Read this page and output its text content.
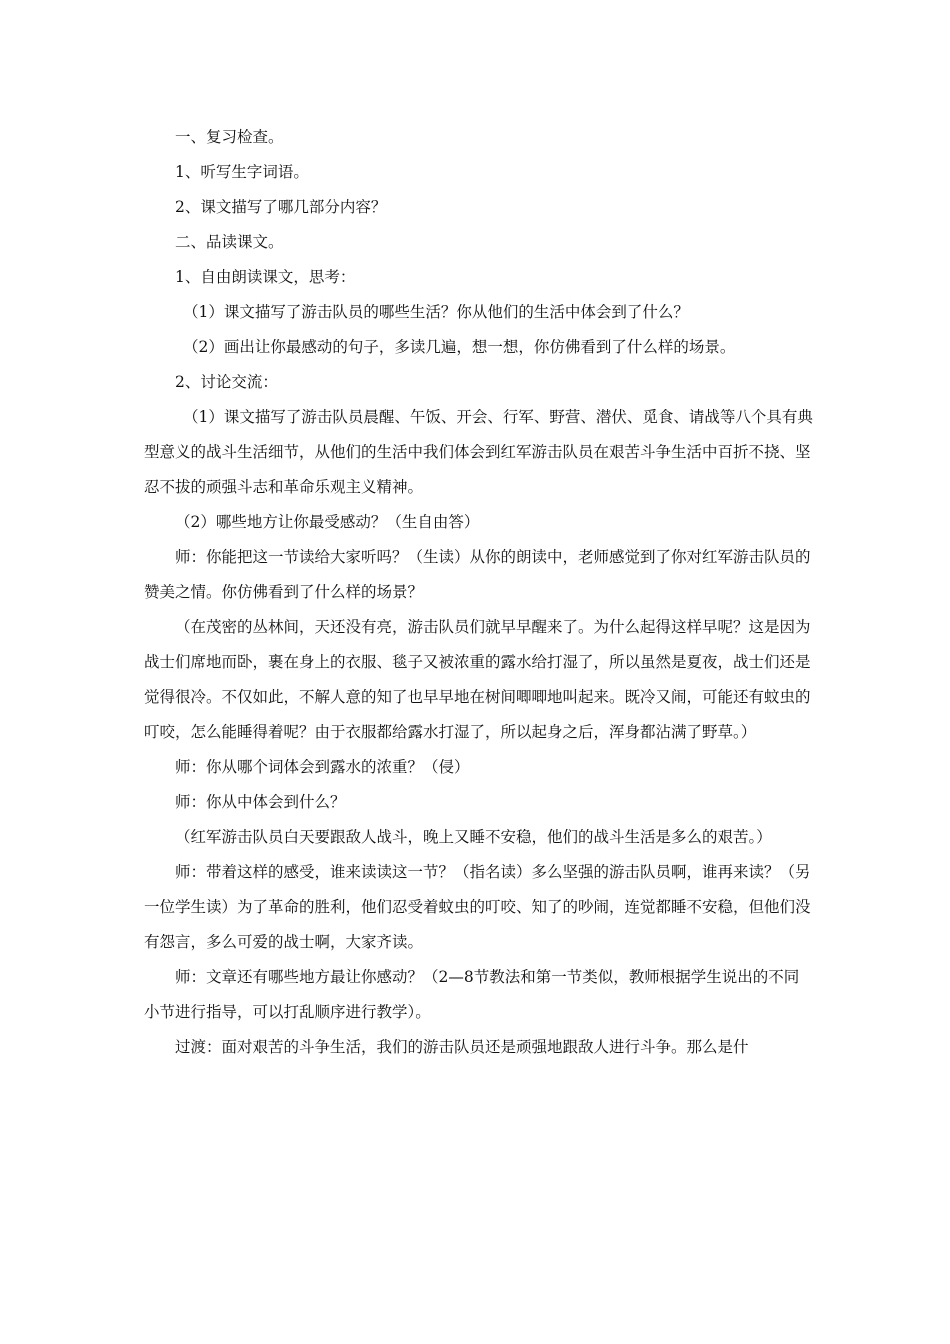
一、复习检查。

1、听写生字词语。

2、课文描写了哪几部分内容？

二、品读课文。

1、自由朗读课文，思考：

（1）课文描写了游击队员的哪些生活？你从他们的生活中体会到了什么？

（2）画出让你最感动的句子，多读几遍，想一想，你仿佛看到了什么样的场景。

2、讨论交流：

（1）课文描写了游击队员晨醒、午饭、开会、行军、野营、潜伏、觅食、请战等八个具有典型意义的战斗生活细节，从他们的生活中我们体会到红军游击队员在艰苦斗争生活中百折不挠、坚忍不拔的顽强斗志和革命乐观主义精神。

（2）哪些地方让你最受感动？（生自由答）

师：你能把这一节读给大家听吗？（生读）从你的朗读中，老师感觉到了你对红军游击队员的赞美之情。你仿佛看到了什么样的场景？

（在茂密的丛林间，天还没有亮，游击队员们就早早醒来了。为什么起得这样早呢？这是因为战士们席地而卧，裹在身上的衣服、毯子又被浓重的露水给打湿了，所以虽然是夏夜，战士们还是觉得很冷。不仅如此，不解人意的知了也早早地在树间唧唧地叫起来。既冷又闹，可能还有蚊虫的叮咬，怎么能睡得着呢？由于衣服都给露水打湿了，所以起身之后，浑身都沾满了野草。）

师：你从哪个词体会到露水的浓重？（侵）

师：你从中体会到什么？

（红军游击队员白天要跟敌人战斗，晚上又睡不安稳，他们的战斗生活是多么的艰苦。）

师：带着这样的感受，谁来读读这一节？（指名读）多么坚强的游击队员啊，谁再来读？（另一位学生读）为了革命的胜利，他们忍受着蚊虫的叮咬、知了的吵闹，连觉都睡不安稳，但他们没有怨言，多么可爱的战士啊，大家齐读。

师：文章还有哪些地方最让你感动？（2—8节教法和第一节类似，教师根据学生说出的不同小节进行指导，可以打乱顺序进行教学）。

过渡：面对艰苦的斗争生活，我们的游击队员还是顽强地跟敌人进行斗争。那么是什
